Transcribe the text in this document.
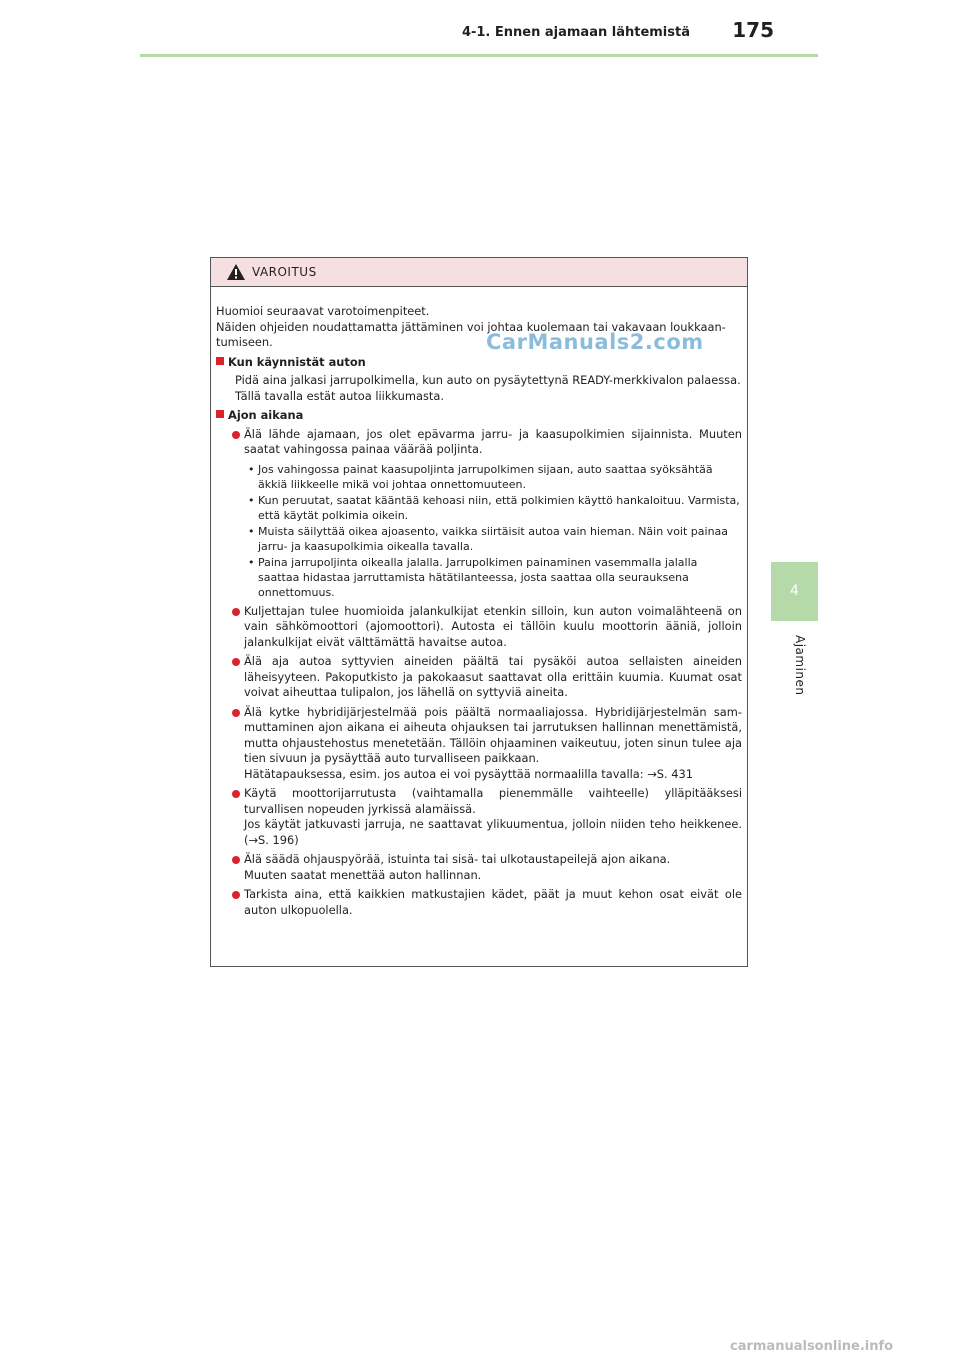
4-1. Ennen ajamaan lähtemistä 175
4
Ajaminen
VAROITUS

Huomioi seuraavat varotoimenpiteet.

Näiden ohjeiden noudattamatta jättäminen voi johtaa kuolemaan tai vakavaan loukkaan-tumiseen.

Kun käynnistät auton

Pidä aina jalkasi jarrupolkimella, kun auto on pysäytettynä READY-merkkivalon palaessa. Tällä tavalla estät autoa liikkumasta.

Ajon aikana
Älä lähde ajamaan, jos olet epävarma jarru- ja kaasupolkimien sijainnista. Muuten saatat vahingossa painaa väärää poljinta.
• Jos vahingossa painat kaasupoljinta jarrupolkimen sijaan, auto saattaa syöksähtää äkkiä liikkeelle mikä voi johtaa onnettomuuteen.
• Kun peruutat, saatat kääntää kehoasi niin, että polkimien käyttö hankaloituu. Varmista, että käytät polkimia oikein.
• Muista säilyttää oikea ajoasento, vaikka siirtäisit autoa vain hieman. Näin voit painaa jarru- ja kaasupolkimia oikealla tavalla.
• Paina jarrupoljinta oikealla jalalla. Jarrupolkimen painaminen vasemmalla jalalla saattaa hidastaa jarruttamista hätätilanteessa, josta saattaa olla seurauksena onnettomuus.
Kuljettajan tulee huomioida jalankulkijat etenkin silloin, kun auton voimalähteenä on vain sähkömoottori (ajomoottori). Autosta ei tällöin kuulu moottorin ääniä, jolloin jalankulkijat eivät välttämättä havaitse autoa.
Älä aja autoa syttyvien aineiden päältä tai pysäköi autoa sellaisten aineiden läheisyyteen. Pakoputkisto ja pakokaasut saattavat olla erittäin kuumia. Kuumat osat voivat aiheuttaa tulipalon, jos lähellä on syttyviä aineita.
Älä kytke hybridijärjestelmää pois päältä normaaliajossa. Hybridijärjestelmän sam-muttaminen ajon aikana ei aiheuta ohjauksen tai jarrutuksen hallinnan menettämistä, mutta ohjaustehostus menetetään. Tällöin ohjaaminen vaikeutuu, joten sinun tulee aja tien sivuun ja pysäyttää auto turvalliseen paikkaan.
Hätätapauksessa, esim. jos autoa ei voi pysäyttää normaalilla tavalla: →S. 431
Käytä moottorijarrutusta (vaihtamalla pienemmälle vaihteelle) ylläpitääksesi turvallisen nopeuden jyrkissä alamäissä.
Jos käytät jatkuvasti jarruja, ne saattavat ylikuumentua, jolloin niiden teho heikkenee. (→S. 196)
Älä säädä ohjauspyörää, istuinta tai sisä- tai ulkotaustapeilejä ajon aikana.
Muuten saatat menettää auton hallinnan.
Tarkista aina, että kaikkien matkustajien kädet, päät ja muut kehon osat eivät ole auton ulkopuolella.
CarManuals2.com
carmanualsonline.info
